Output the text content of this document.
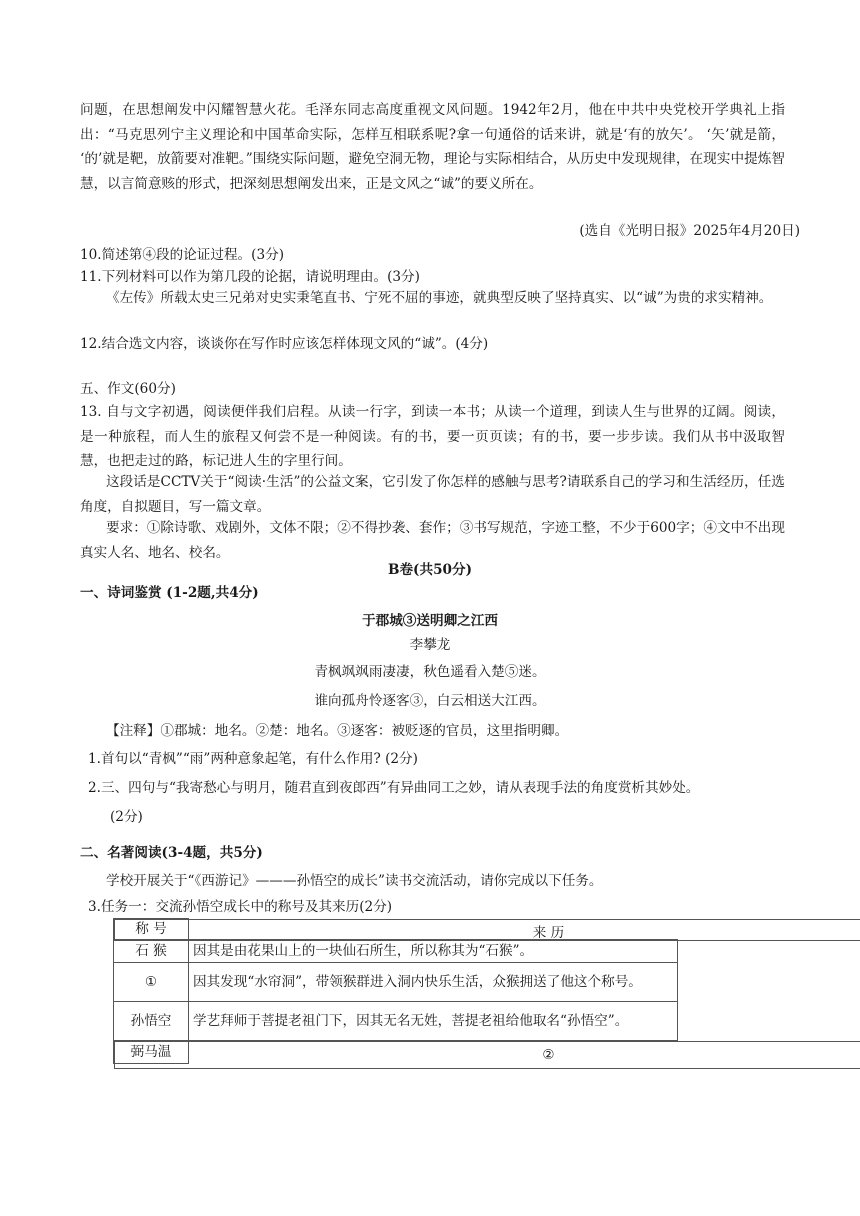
问题，在思想阐发中闪耀智慧火花。毛泽东同志高度重视文风问题。1942年2月，他在中共中央党校开学典礼上指出：“马克思列宁主义理论和中国革命实际，怎样互相联系呢?拿一句通俗的话来讲，就是‘有的放矢’。 ‘矢’就是箭， ‘的’就是靶，放箭要对准靶。”围绕实际问题，避免空洞无物，理论与实际相结合，从历史中发现规律，在现实中提炼智慧，以言简意赅的形式，把深刻思想阐发出来，正是文风之“诚”的要义所在。

(选自《光明日报》2025年4月20日)

10.简述第④段的论证过程。(3分)

11.下列材料可以作为第几段的论据，请说明理由。(3分)

《左传》所载太史三兄弟对史实秉笔直书、宁死不屈的事迹，就典型反映了坚持真实、以“诚”为贵的求实精神。

12.结合选文内容，谈谈你在写作时应该怎样体现文风的“诚”。(4分)

五、作文(60分)

13. 自与文字初遇，阅读便伴我们启程。从读一行字，到读一本书；从读一个道理，到读人生与世界的辽阔。阅读，是一种旅程，而人生的旅程又何尝不是一种阅读。有的书，要一页页读；有的书，要一步步读。我们从书中汲取智慧，也把走过的路，标记进人生的字里行间。

这段话是CCTV关于“阅读·生活”的公益文案，它引发了你怎样的感触与思考?请联系自己的学习和生活经历，任选角度，自拟题目，写一篇文章。

要求：①除诗歌、戏剧外，文体不限；②不得抄袭、套作；③书写规范，字迹工整，不少于600字；④文中不出现真实人名、地名、校名。

B卷(共50分)

一、诗词鉴赏 (1-2题,共4分)

于郡城③送明卿之江西

李攀龙

青枫飒飒雨凄凄，秋色遥看入楚⑤迷。

谁向孤舟怜逐客③，白云相送大江西。

【注释】①郡城：地名。②楚：地名。③逐客：被贬逐的官员，这里指明卿。

1.首句以“青枫”“雨”两种意象起笔，有什么作用? (2分)

2.三、四句与“我寄愁心与明月，随君直到夜郎西”有异曲同工之妙，请从表现手法的角度赏析其妙处。

(2分)

二、名著阅读(3-4题，共5分)

学校开展关于“《西游记》———孙悟空的成长”读书交流活动，请你完成以下任务。

3.任务一：交流孙悟空成长中的称号及其来历(2分)

称 号		来 历

石 猴	因其是由花果山上的一块仙石所生，所以称其为“石猴”。
①	因其发现“水帘洞”，带领猴群进入洞内快乐生活，众猴拥送了他这个称号。
孙悟空	学艺拜师于菩提老祖门下，因其无名无姓，菩提老祖给他取名“孙悟空”。
弼马温		②
